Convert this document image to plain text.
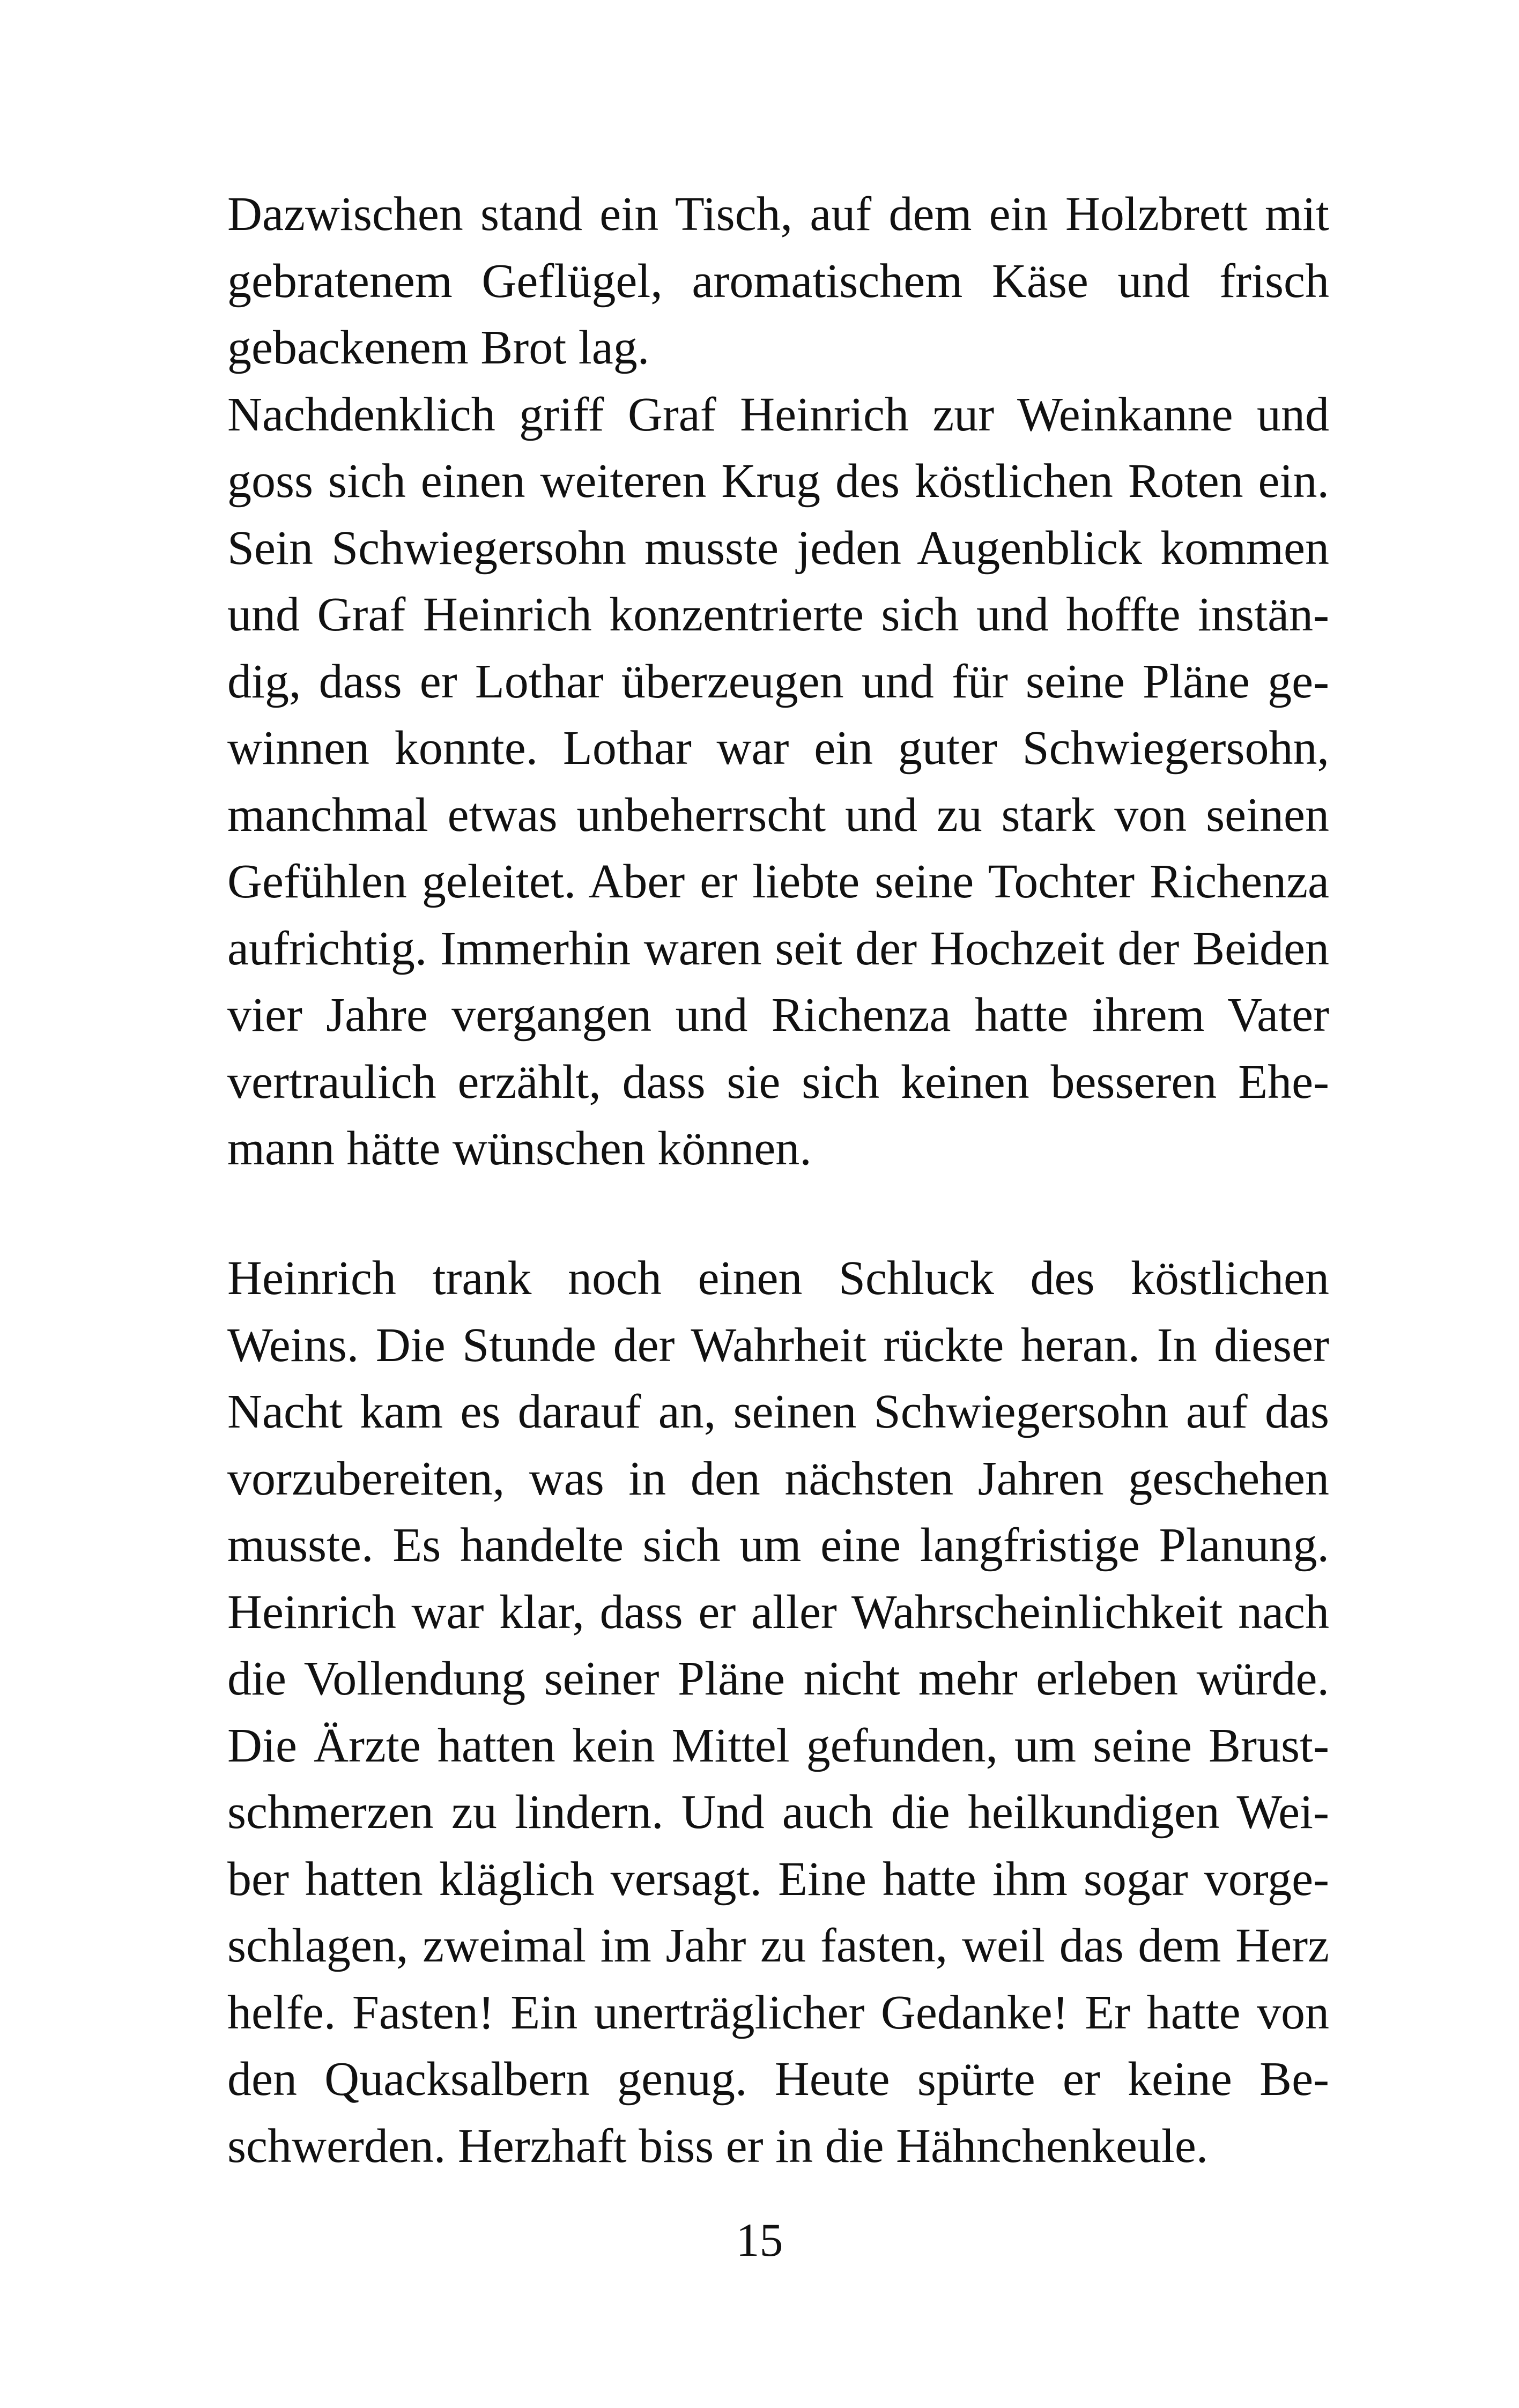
Dazwischen stand ein Tisch, auf dem ein Holzbrett mit
gebratenem Geflügel, aromatischem Käse und frisch
gebackenem Brot lag.
Nachdenklich griff Graf Heinrich zur Weinkanne und
goss sich einen weiteren Krug des köstlichen Roten ein.
Sein Schwiegersohn musste jeden Augenblick kommen
und Graf Heinrich konzentrierte sich und hoffte instän-
dig, dass er Lothar überzeugen und für seine Pläne ge-
winnen konnte. Lothar war ein guter Schwiegersohn,
manchmal etwas unbeherrscht und zu stark von seinen
Gefühlen geleitet. Aber er liebte seine Tochter Richenza
aufrichtig. Immerhin waren seit der Hochzeit der Beiden
vier Jahre vergangen und Richenza hatte ihrem Vater
vertraulich erzählt, dass sie sich keinen besseren Ehe-
mann hätte wünschen können.
Heinrich trank noch einen Schluck des köstlichen
Weins. Die Stunde der Wahrheit rückte heran. In dieser
Nacht kam es darauf an, seinen Schwiegersohn auf das
vorzubereiten, was in den nächsten Jahren geschehen
musste. Es handelte sich um eine langfristige Planung.
Heinrich war klar, dass er aller Wahrscheinlichkeit nach
die Vollendung seiner Pläne nicht mehr erleben würde.
Die Ärzte hatten kein Mittel gefunden, um seine Brust-
schmerzen zu lindern. Und auch die heilkundigen Wei-
ber hatten kläglich versagt. Eine hatte ihm sogar vorge-
schlagen, zweimal im Jahr zu fasten, weil das dem Herz
helfe. Fasten! Ein unerträglicher Gedanke! Er hatte von
den Quacksalbern genug. Heute spürte er keine Be-
schwerden. Herzhaft biss er in die Hähnchenkeule.
15
